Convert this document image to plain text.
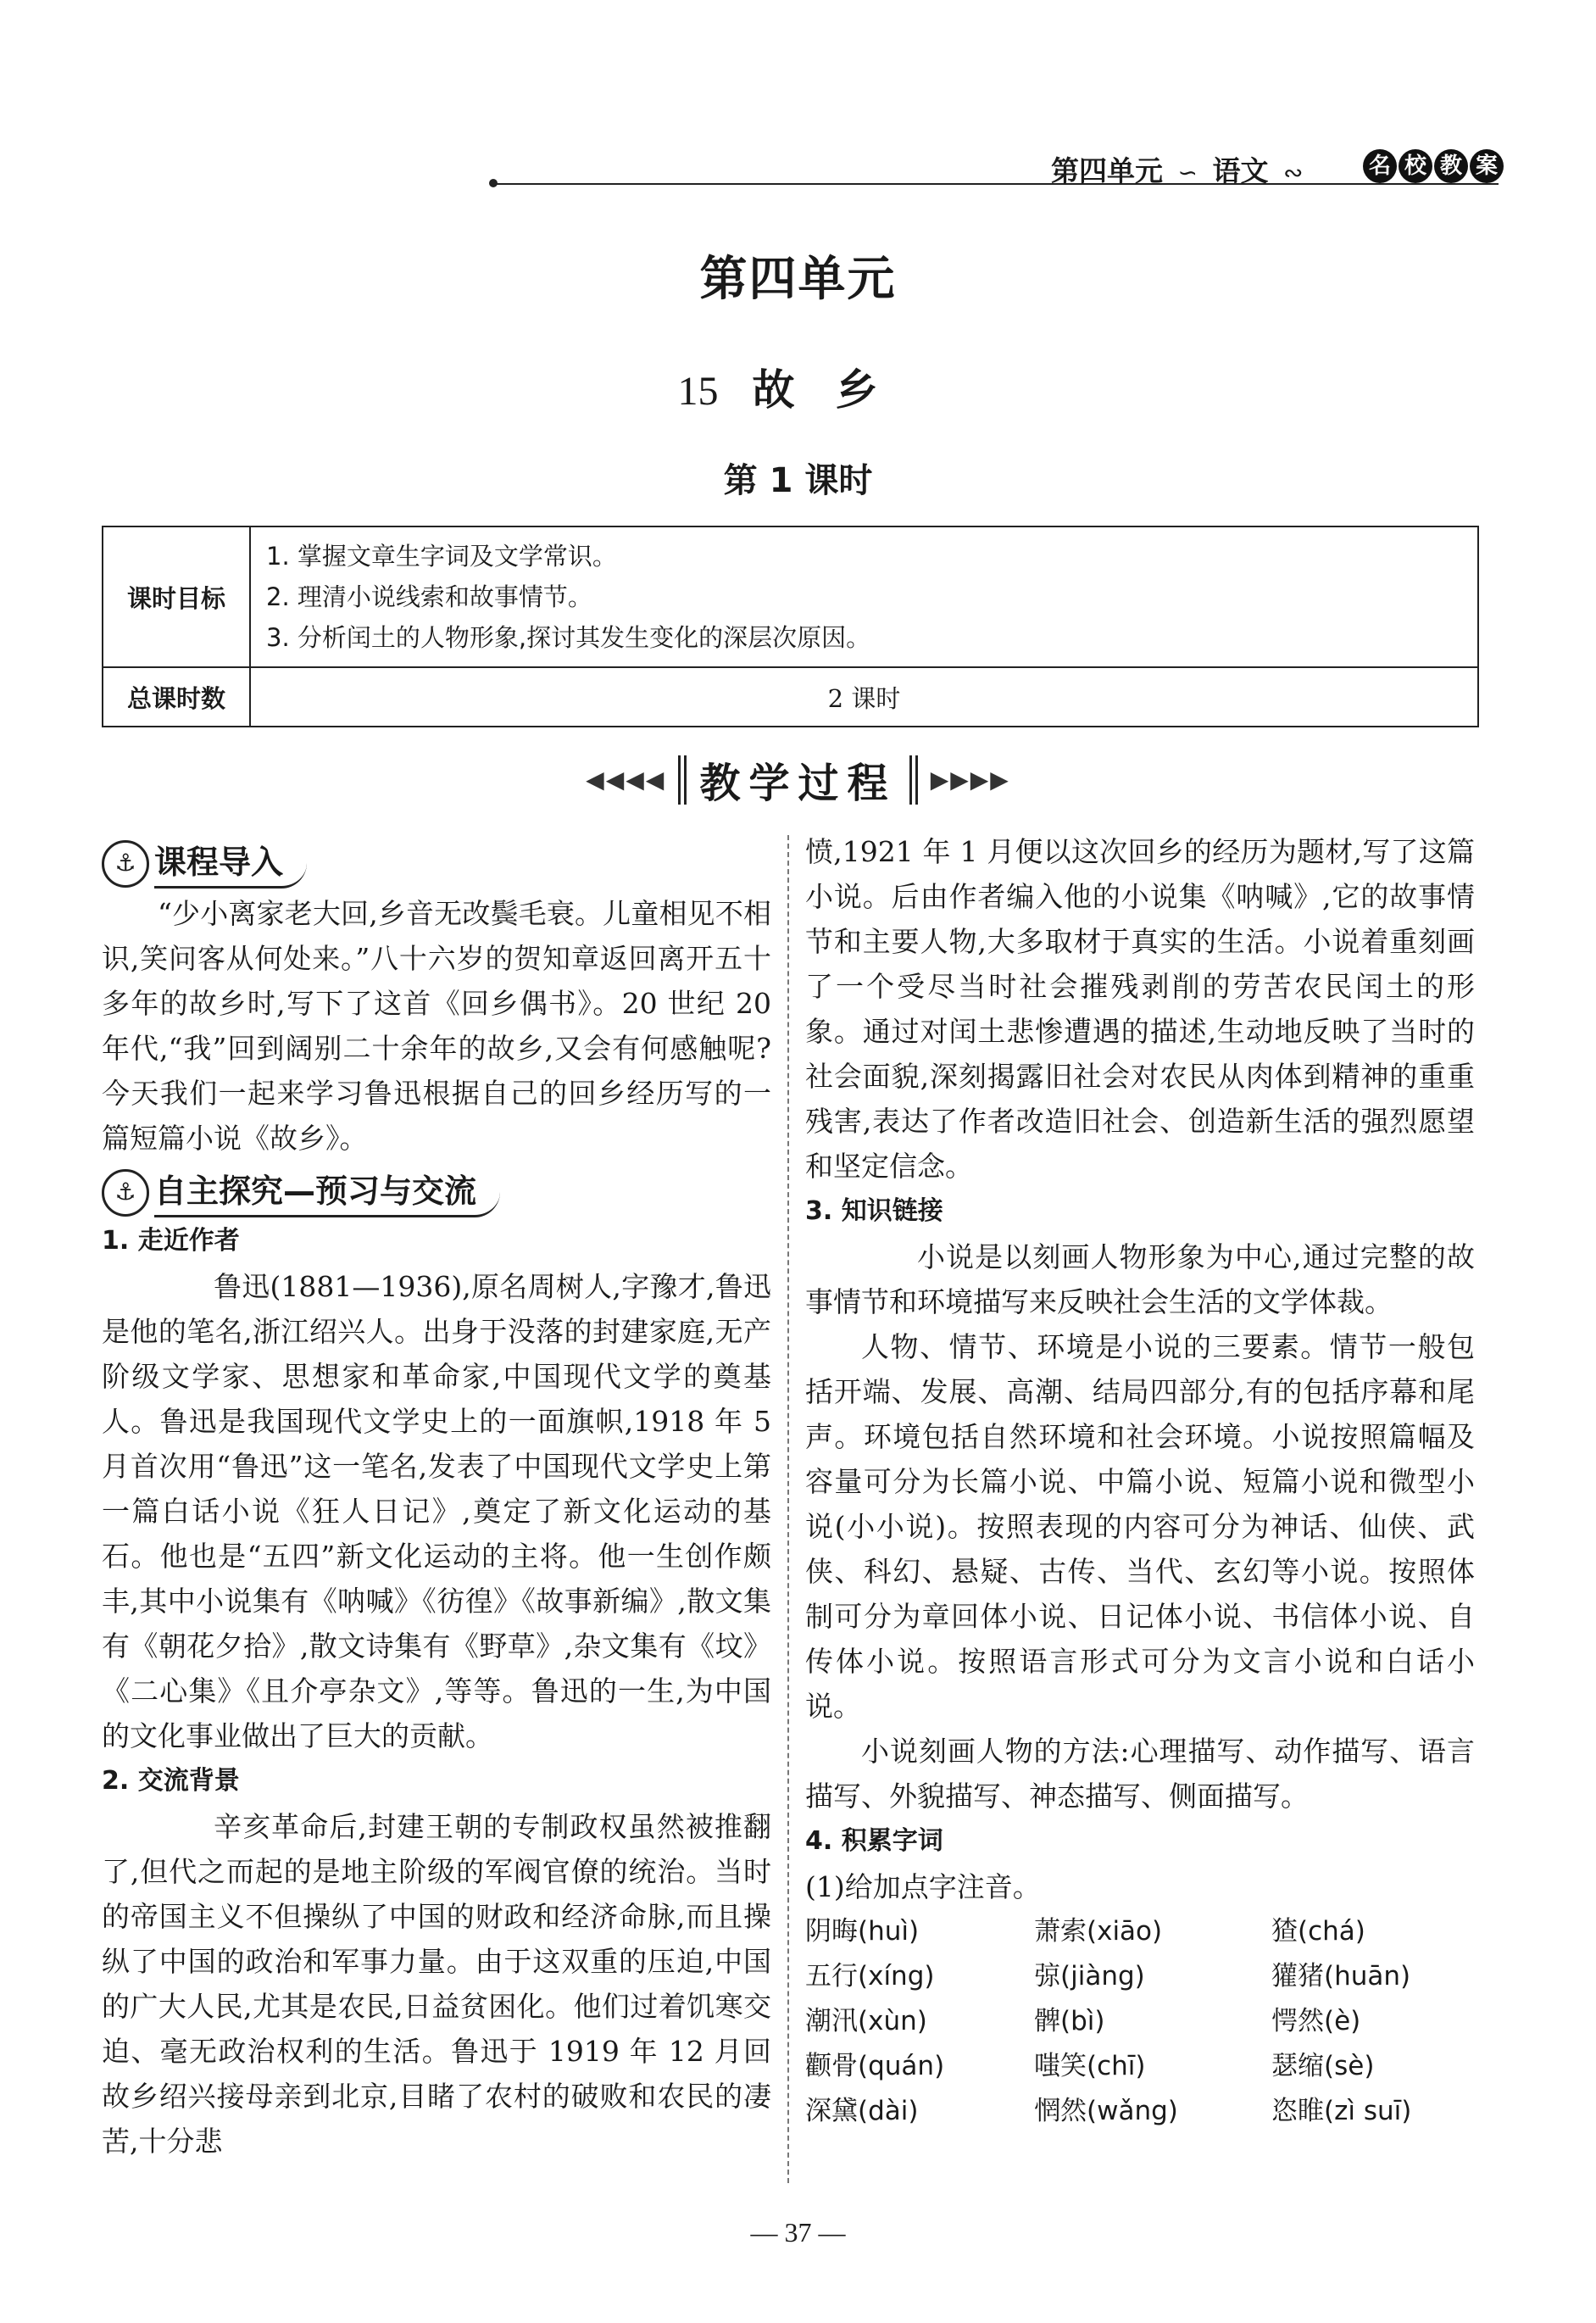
第四单元 ∽ 语文 ∾	名 校 教 案
第四单元
15 故乡
第 1 课时
课时目标	1. 掌握文章生字词及文学常识。
2. 理清小说线索和故事情节。
3. 分析闰土的人物形象,探讨其发生变化的深层次原因。

总课时数	2 课时
◀◀◀◀ 教学过程 ▶▶▶▶
⚓ 课程导入

“少小离家老大回,乡音无改鬓毛衰。儿童相见不相识,笑问客从何处来。”八十六岁的贺知章返回离开五十多年的故乡时,写下了这首《回乡偶书》。20 世纪 20 年代,“我”回到阔别二十余年的故乡,又会有何感触呢?今天我们一起来学习鲁迅根据自己的回乡经历写的一篇短篇小说《故乡》。

⚓ 自主探究—预习与交流
1. 走近作者

鲁迅(1881—1936),原名周树人,字豫才,鲁迅是他的笔名,浙江绍兴人。出身于没落的封建家庭,无产阶级文学家、思想家和革命家,中国现代文学的奠基人。鲁迅是我国现代文学史上的一面旗帜,1918 年 5 月首次用“鲁迅”这一笔名,发表了中国现代文学史上第一篇白话小说《狂人日记》,奠定了新文化运动的基石。他也是“五四”新文化运动的主将。他一生创作颇丰,其中小说集有《呐喊》《彷徨》《故事新编》,散文集有《朝花夕拾》,散文诗集有《野草》,杂文集有《坟》《二心集》《且介亭杂文》,等等。鲁迅的一生,为中国的文化事业做出了巨大的贡献。

2. 交流背景

辛亥革命后,封建王朝的专制政权虽然被推翻了,但代之而起的是地主阶级的军阀官僚的统治。当时的帝国主义不但操纵了中国的财政和经济命脉,而且操纵了中国的政治和军事力量。由于这双重的压迫,中国的广大人民,尤其是农民,日益贫困化。他们过着饥寒交迫、毫无政治权利的生活。鲁迅于 1919 年 12 月回故乡绍兴接母亲到北京,目睹了农村的破败和农民的凄苦,十分悲

愤,1921 年 1 月便以这次回乡的经历为题材,写了这篇小说。后由作者编入他的小说集《呐喊》,它的故事情节和主要人物,大多取材于真实的生活。小说着重刻画了一个受尽当时社会摧残剥削的劳苦农民闰土的形象。通过对闰土悲惨遭遇的描述,生动地反映了当时的社会面貌,深刻揭露旧社会对农民从肉体到精神的重重残害,表达了作者改造旧社会、创造新生活的强烈愿望和坚定信念。

3. 知识链接

小说是以刻画人物形象为中心,通过完整的故事情节和环境描写来反映社会生活的文学体裁。

人物、情节、环境是小说的三要素。情节一般包括开端、发展、高潮、结局四部分,有的包括序幕和尾声。环境包括自然环境和社会环境。小说按照篇幅及容量可分为长篇小说、中篇小说、短篇小说和微型小说(小小说)。按照表现的内容可分为神话、仙侠、武侠、科幻、悬疑、古传、当代、玄幻等小说。按照体制可分为章回体小说、日记体小说、书信体小说、自传体小说。按照语言形式可分为文言小说和白话小说。

小说刻画人物的方法:心理描写、动作描写、语言描写、外貌描写、神态描写、侧面描写。

4. 积累字词

(1)给加点字注音。

阴晦(huì)	萧索(xiāo)	猹(chá)
五行(xíng)	弶(jiàng)	獾猪(huān)
潮汛(xùn)	髀(bì)	愕然(è)
颧骨(quán)	嗤笑(chī)	瑟缩(sè)
深黛(dài)	惘然(wǎng)	恣睢(zì suī)
— 37 —
